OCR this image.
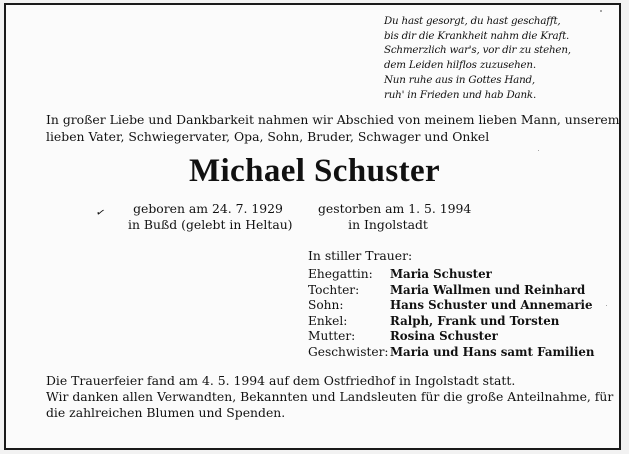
Du hast gesorgt, du hast geschafft,
bis dir die Krankheit nahm die Kraft.
Schmerzlich war's, vor dir zu stehen,
dem Leiden hilflos zuzusehen.
Nun ruhe aus in Gottes Hand,
ruh' in Frieden und hab Dank.
In großer Liebe und Dankbarkeit nahmen wir Abschied von meinem lieben Mann, unserem
lieben Vater, Schwiegervater, Opa, Sohn, Bruder, Schwager und Onkel
Michael Schuster
✓	geboren am 24. 7. 1929
in Bußd (gelebt in Heltau)
gestorben am 1. 5. 1994
in Ingolstadt
In stiller Trauer:
Ehegattin:	Maria Schuster
Tochter:	Maria Wallmen und Reinhard
Sohn:	Hans Schuster und Annemarie
Enkel:	Ralph, Frank und Torsten
Mutter:	Rosina Schuster
Geschwister: Maria und Hans samt Familien
Die Trauerfeier fand am 4. 5. 1994 auf dem Ostfriedhof in Ingolstadt statt.
Wir danken allen Verwandten, Bekannten und Landsleuten für die große Anteilnahme, für
die zahlreichen Blumen und Spenden.
